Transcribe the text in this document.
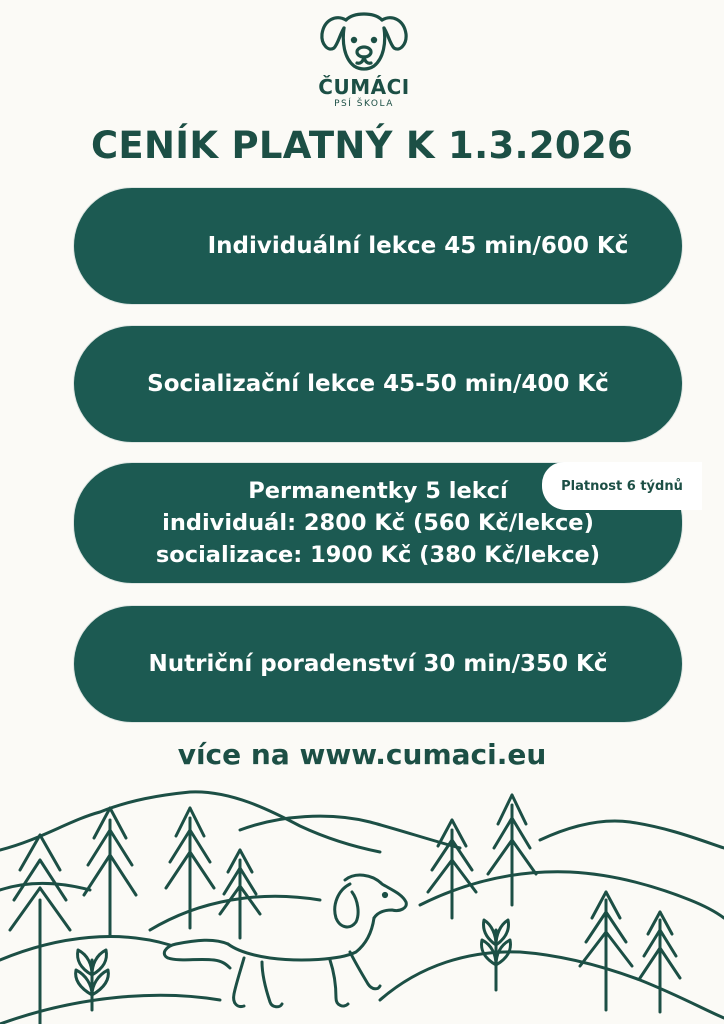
ČUMÁCI
PSÍ ŠKOLA
CENÍK PLATNÝ K 1.3.2026
Individuální lekce 45 min/600 Kč
Socializační lekce 45-50 min/400 Kč
Permanentky 5 lekcí
individuál: 2800 Kč (560 Kč/lekce)
socializace: 1900 Kč (380 Kč/lekce)
Platnost 6 týdnů
Nutriční poradenství 30 min/350 Kč
více na www.cumaci.eu
